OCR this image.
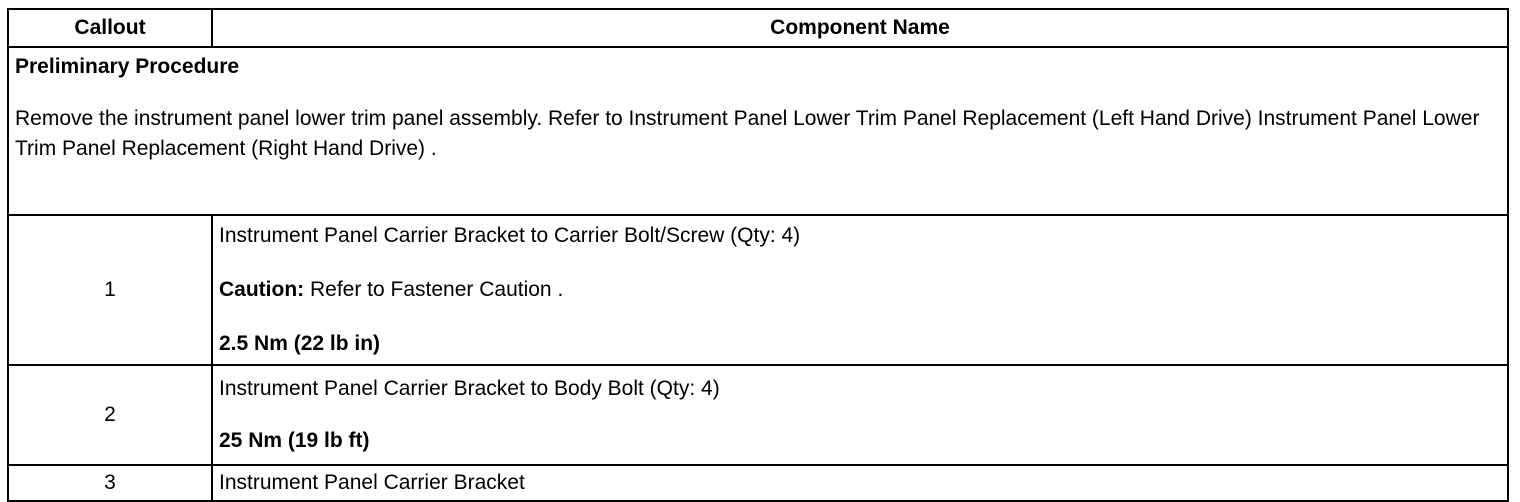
Callout	Component Name

Preliminary Procedure
Remove the instrument panel lower trim panel assembly. Refer to Instrument Panel Lower Trim Panel Replacement (Left Hand Drive) Instrument Panel Lower Trim Panel Replacement (Right Hand Drive) .	

1	Instrument Panel Carrier Bracket to Carrier Bolt/Screw (Qty: 4)
Caution: Refer to Fastener Caution .
2.5 Nm (22 lb in)

2	Instrument Panel Carrier Bracket to Body Bolt (Qty: 4)
25 Nm (19 lb ft)

3	Instrument Panel Carrier Bracket
